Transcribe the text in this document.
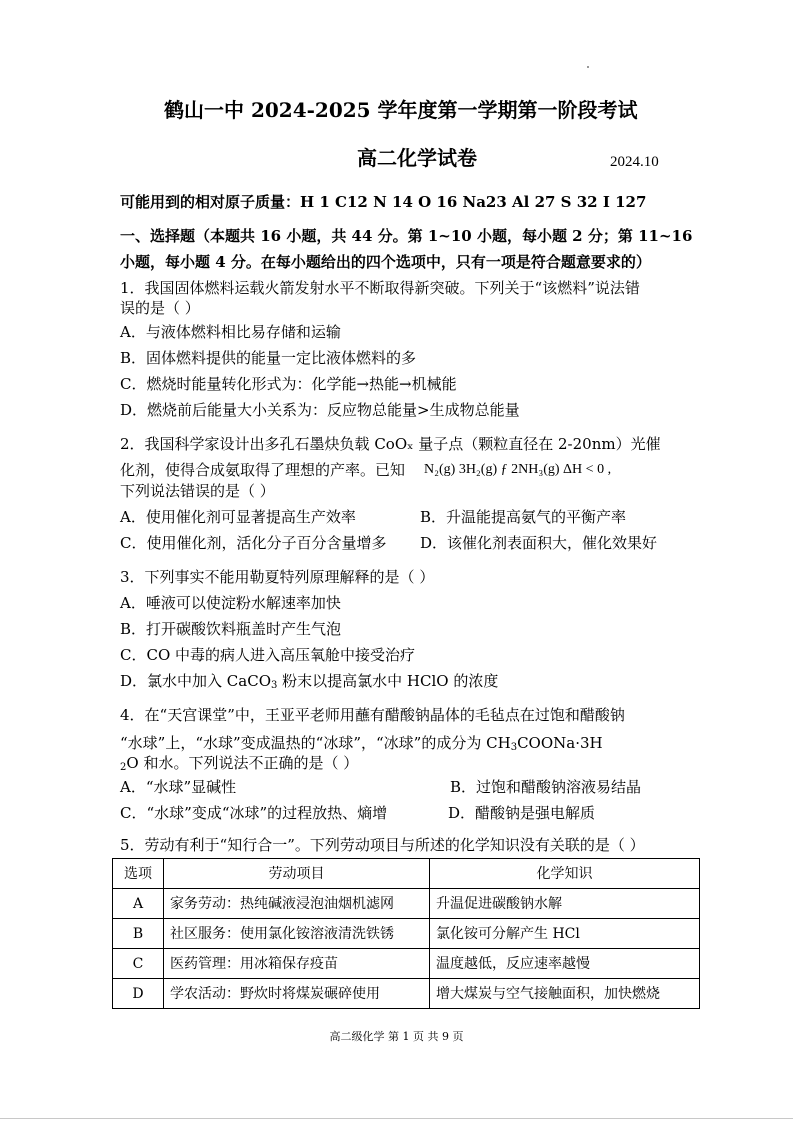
鹤山一中 2024-2025 学年度第一学期第一阶段考试
高二化学试卷	2024.10
可能用到的相对原子质量：H 1 C12 N 14 O 16 Na23 Al 27 S 32 I 127
一、选择题（本题共 16 小题，共 44 分。第 1~10 小题，每小题 2 分；第 11~16
小题，每小题 4 分。在每小题给出的四个选项中，只有一项是符合题意要求的）
1．我国固体燃料运载火箭发射水平不断取得新突破。下列关于“该燃料”说法错
误的是（ ）
A．与液体燃料相比易存储和运输
B．固体燃料提供的能量一定比液体燃料的多
C．燃烧时能量转化形式为：化学能→热能→机械能
D．燃烧前后能量大小关系为：反应物总能量>生成物总能量
2．我国科学家设计出多孔石墨炔负载 CoOₓ 量子点（颗粒直径在 2-20nm）光催
化剂，使得合成氨取得了理想的产率。已知 N₂(g) 3H₂(g) ƒ 2NH₃(g) ΔH < 0 ,
下列说法错误的是（ ）
A．使用催化剂可显著提高生产效率	B．升温能提高氨气的平衡产率
C．使用催化剂，活化分子百分含量增多 D．该催化剂表面积大，催化效果好
3．下列事实不能用勒夏特列原理解释的是（ ）
A．唾液可以使淀粉水解速率加快
B．打开碳酸饮料瓶盖时产生气泡
C．CO 中毒的病人进入高压氧舱中接受治疗
D．氯水中加入 CaCO$_3$ 粉末以提高氯水中 HClO 的浓度
4．在“天宫课堂”中，王亚平老师用蘸有醋酸钠晶体的毛毡点在过饱和醋酸钠
“水球”上，“水球”变成温热的“冰球”，“冰球”的成分为 $CH_3COONa\cdot 3H$
$_2$O 和水。下列说法不正确的是（ ）
A．“水球”显碱性	B．过饱和醋酸钠溶液易结晶
C．“水球”变成“冰球”的过程放热、熵增	D．醋酸钠是强电解质
5．劳动有利于“知行合一”。下列劳动项目与所述的化学知识没有关联的是（ ）
选项	劳动项目	化学知识
A	家务劳动：热纯碱液浸泡油烟机滤网	升温促进碳酸钠水解
B	社区服务：使用氯化铵溶液清洗铁锈	氯化铵可分解产生 HCl
C	医药管理：用冰箱保存疫苗	温度越低，反应速率越慢
D	学农活动：野炊时将煤炭碾碎使用	增大煤炭与空气接触面积，加快燃烧
高二级化学 第 1 页 共 9 页
